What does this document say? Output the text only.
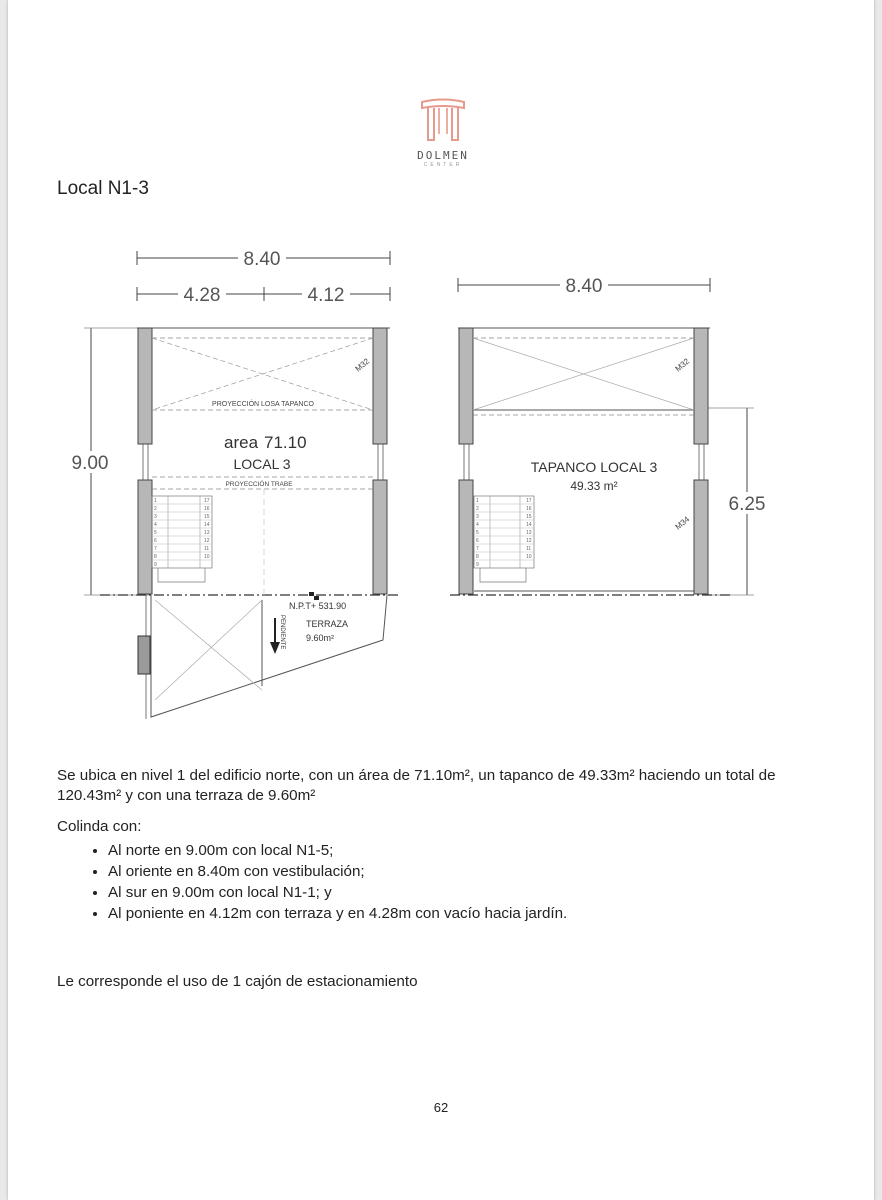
DOLMEN
CENTER
Local N1-3
8.40
4.28	4.12
9.00
PROYECCIÓN LOSA TAPANCO
M32
area 71.10
LOCAL 3
PROYECCIÓN TRABE
1
2
3
4
5
6
7
8
9
17
16
15
14
13
12
11
10
N.P.T+ 531.90
PENDIENTE TERRAZA
9.60m²
8.40
6.25
M32
M34
TAPANCO LOCAL 3
49.33 m²
1
2
3
4
5
6
7
8
9
17
16
15
14
13
12
11
10
Se ubica en nivel 1 del edificio norte, con un área de 71.10m², un tapanco de 49.33m² haciendo un total de 120.43m² y con una terraza de 9.60m²
Colinda con:
• Al norte en 9.00m con local N1-5;
• Al oriente en 8.40m con vestibulación;
• Al sur en 9.00m con local N1-1; y
• Al poniente en 4.12m con terraza y en 4.28m con vacío hacia jardín.
Le corresponde el uso de 1 cajón de estacionamiento
62
